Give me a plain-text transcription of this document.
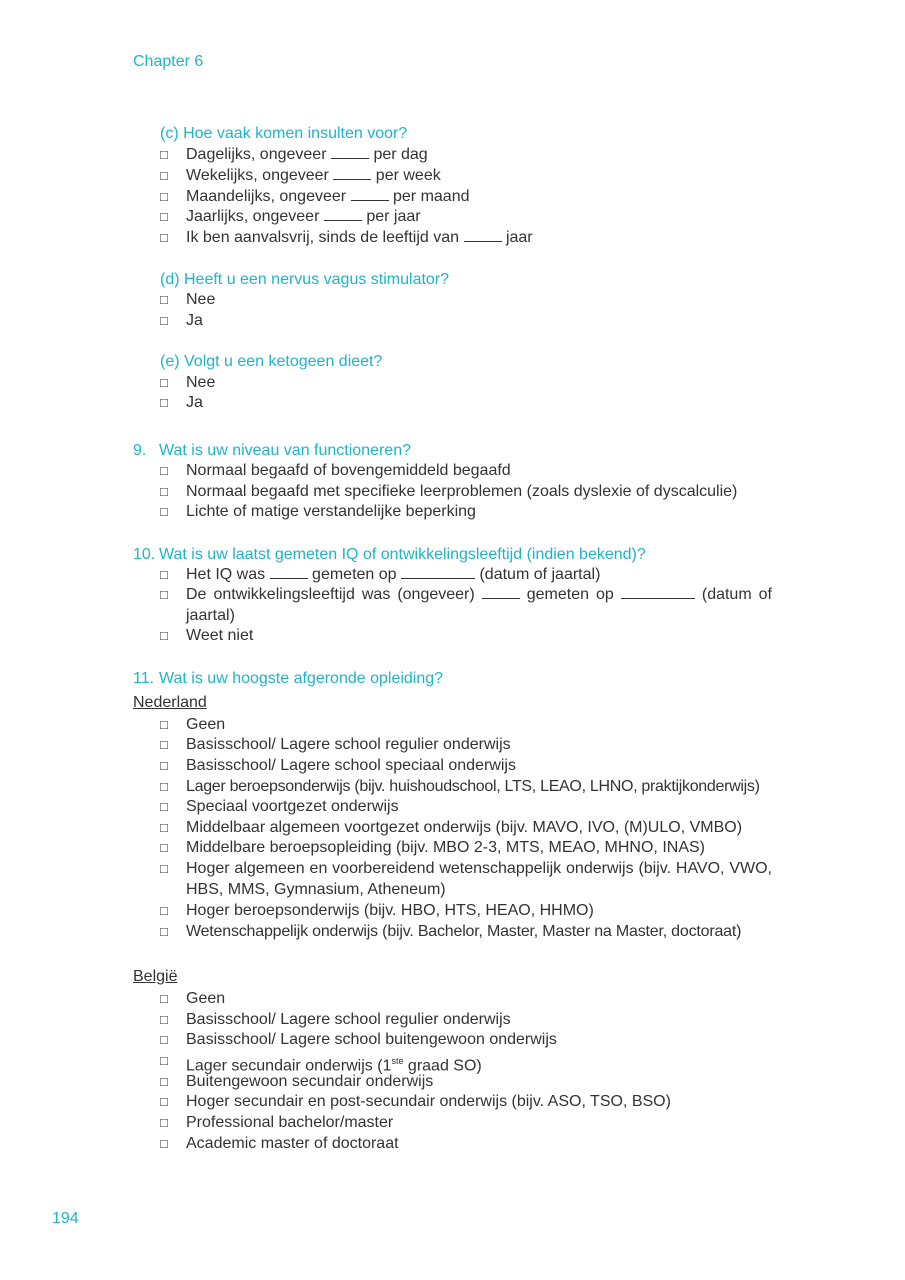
Chapter 6
(c) Hoe vaak komen insulten voor?
□ Dagelijks, ongeveer	per dag
□ Wekelijks, ongeveer	per week
□ Maandelijks, ongeveer	per maand
□ Jaarlijks, ongeveer	per jaar
□ Ik ben aanvalsvrij, sinds de leeftijd van	jaar
(d) Heeft u een nervus vagus stimulator?
□ Nee
□ Ja
(e) Volgt u een ketogeen dieet?
□ Nee
□ Ja
9. Wat is uw niveau van functioneren?
□ Normaal begaafd of bovengemiddeld begaafd
□ Normaal begaafd met specifieke leerproblemen (zoals dyslexie of dyscalculie)
□ Lichte of matige verstandelijke beperking
10. Wat is uw laatst gemeten IQ of ontwikkelingsleeftijd (indien bekend)?
□ Het IQ was	gemeten op	(datum of jaartal)
□ De ontwikkelingsleeftijd was (ongeveer)	gemeten op	(datum of jaartal)
□ Weet niet
11. Wat is uw hoogste afgeronde opleiding?
Nederland
□ Geen
□ Basisschool/ Lagere school regulier onderwijs
□ Basisschool/ Lagere school speciaal onderwijs
□ Lager beroepsonderwijs (bijv. huishoudschool, LTS, LEAO, LHNO, praktijkonderwijs)
□ Speciaal voortgezet onderwijs
□ Middelbaar algemeen voortgezet onderwijs (bijv. MAVO, IVO, (M)ULO, VMBO)
□ Middelbare beroepsopleiding (bijv. MBO 2-3, MTS, MEAO, MHNO, INAS)
□ Hoger algemeen en voorbereidend wetenschappelijk onderwijs (bijv. HAVO, VWO, HBS, MMS, Gymnasium, Atheneum)
□ Hoger beroepsonderwijs (bijv. HBO, HTS, HEAO, HHMO)
□ Wetenschappelijk onderwijs (bijv. Bachelor, Master, Master na Master, doctoraat)
België
□ Geen
□ Basisschool/ Lagere school regulier onderwijs
□ Basisschool/ Lagere school buitengewoon onderwijs
□ Lager secundair onderwijs (1ste graad SO)
□ Buitengewoon secundair onderwijs
□ Hoger secundair en post-secundair onderwijs (bijv. ASO, TSO, BSO)
□ Professional bachelor/master
□ Academic master of doctoraat
194
